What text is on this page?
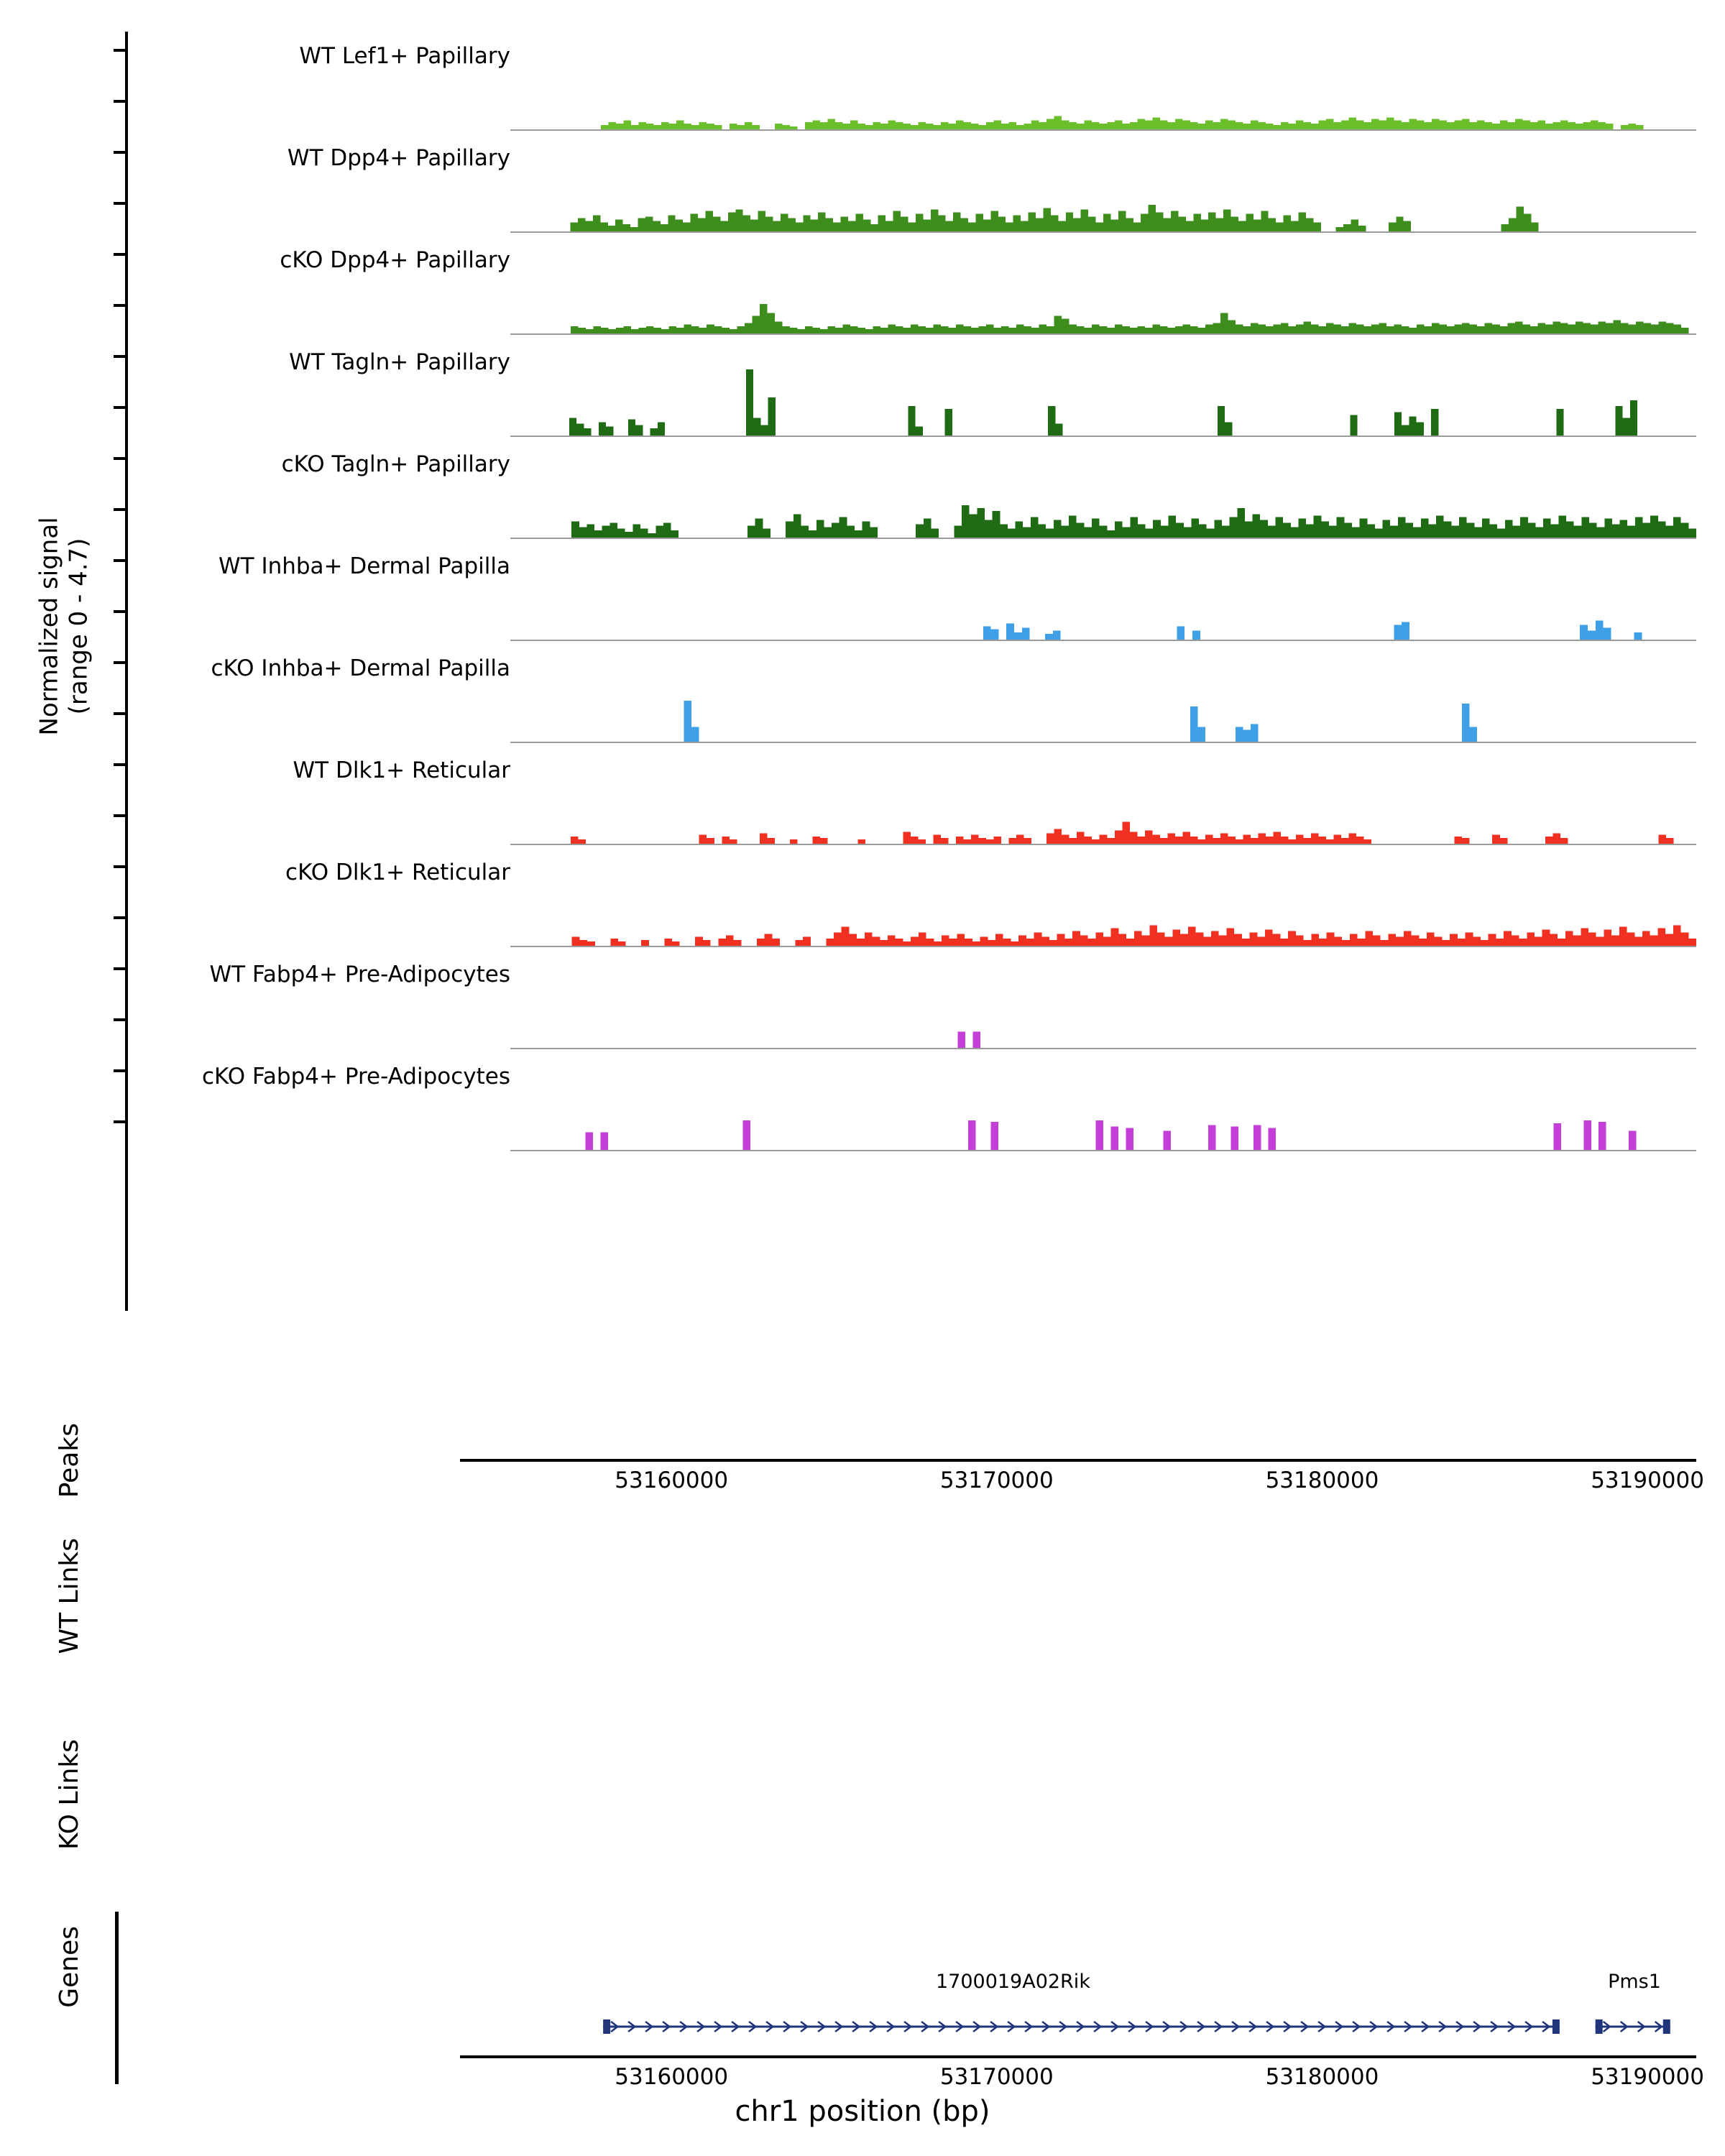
Normalized signal (range 0 - 4.7)
WT Lef1+ Papillary
WT Dpp4+ Papillary
cKO Dpp4+ Papillary
WT Tagln+ Papillary
cKO Tagln+ Papillary
WT Inhba+ Dermal Papilla
cKO Inhba+ Dermal Papilla
WT Dlk1+ Reticular
cKO Dlk1+ Reticular
WT Fabp4+ Pre-Adipocytes
cKO Fabp4+ Pre-Adipocytes
Peaks
WT Links
KO Links
Genes
53160000	53170000	53180000	53190000
1700019A02Rik	Pms1
53160000	53170000	53180000	53190000
chr1 position (bp)
